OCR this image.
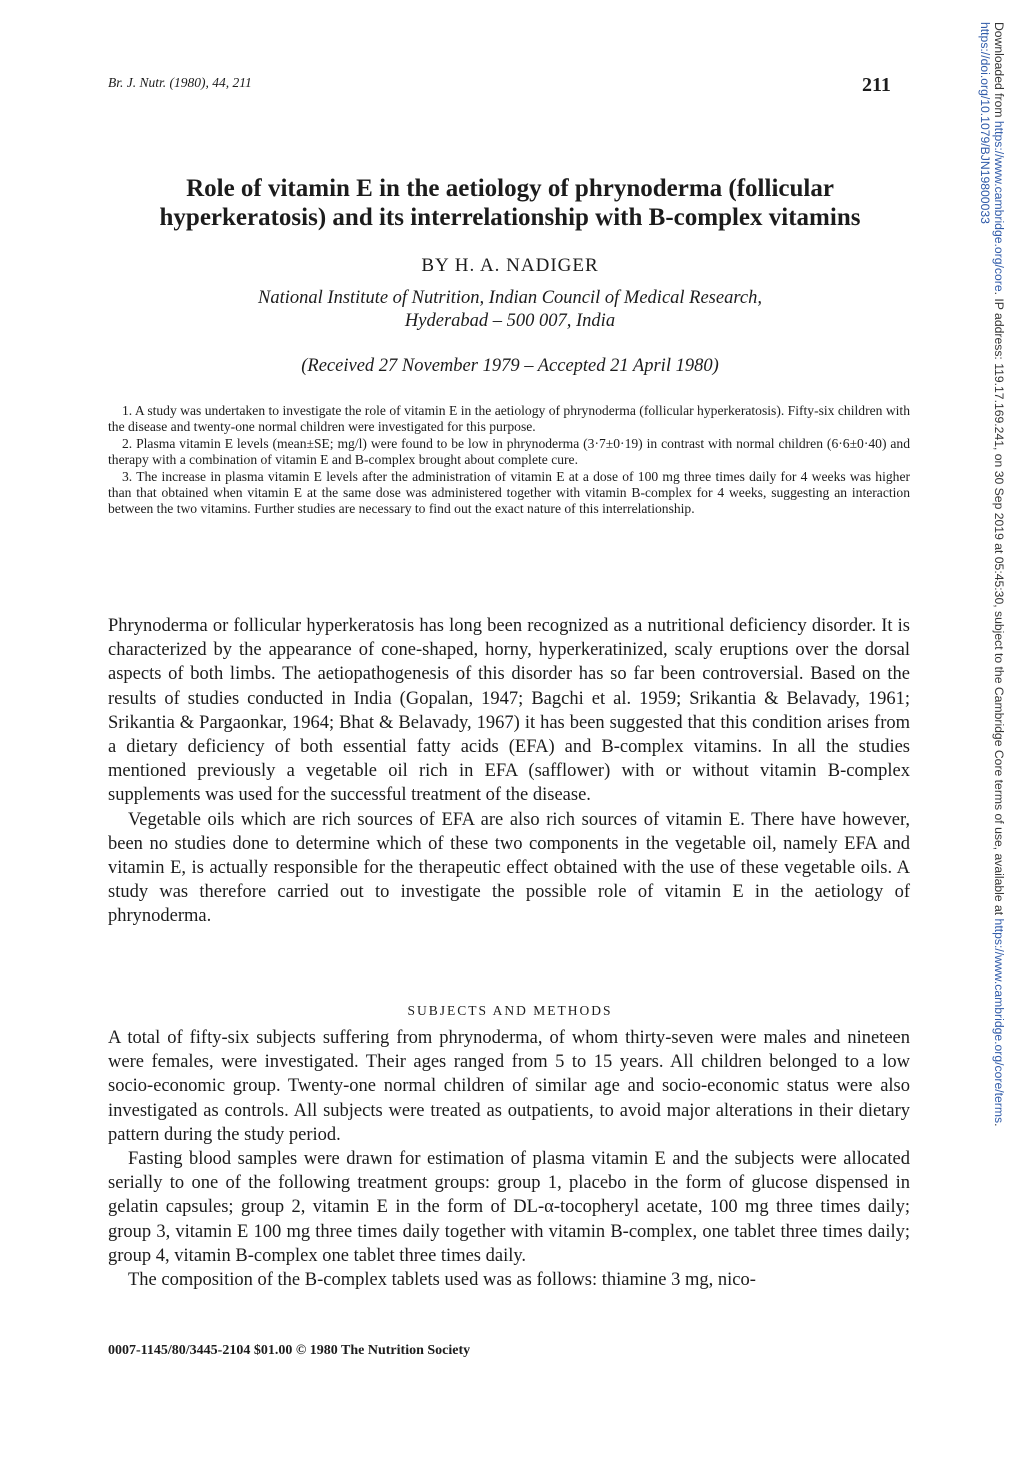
Br. J. Nutr. (1980), 44, 211	211
Role of vitamin E in the aetiology of phrynoderma (follicular
hyperkeratosis) and its interrelationship with B-complex vitamins
BY H. A. NADIGER
National Institute of Nutrition, Indian Council of Medical Research,
Hyderabad – 500 007, India
(Received 27 November 1979 – Accepted 21 April 1980)

1. A study was undertaken to investigate the role of vitamin E in the aetiology of phrynoderma (follicular hyperkeratosis). Fifty-six children with the disease and twenty-one normal children were investigated for this purpose.

2. Plasma vitamin E levels (mean±SE; mg/l) were found to be low in phrynoderma (3·7±0·19) in contrast with normal children (6·6±0·40) and therapy with a combination of vitamin E and B-complex brought about complete cure.

3. The increase in plasma vitamin E levels after the administration of vitamin E at a dose of 100 mg three times daily for 4 weeks was higher than that obtained when vitamin E at the same dose was administered together with vitamin B-complex for 4 weeks, suggesting an interaction between the two vitamins. Further studies are necessary to find out the exact nature of this interrelationship.

Phrynoderma or follicular hyperkeratosis has long been recognized as a nutritional deficiency disorder. It is characterized by the appearance of cone-shaped, horny, hyperkeratinized, scaly eruptions over the dorsal aspects of both limbs. The aetiopathogenesis of this disorder has so far been controversial. Based on the results of studies conducted in India (Gopalan, 1947; Bagchi et al. 1959; Srikantia & Belavady, 1961; Srikantia & Pargaonkar, 1964; Bhat & Belavady, 1967) it has been suggested that this condition arises from a dietary deficiency of both essential fatty acids (EFA) and B-complex vitamins. In all the studies mentioned previously a vegetable oil rich in EFA (safflower) with or without vitamin B-complex supplements was used for the successful treatment of the disease.

Vegetable oils which are rich sources of EFA are also rich sources of vitamin E. There have however, been no studies done to determine which of these two components in the vegetable oil, namely EFA and vitamin E, is actually responsible for the therapeutic effect obtained with the use of these vegetable oils. A study was therefore carried out to investigate the possible role of vitamin E in the aetiology of phrynoderma.

SUBJECTS AND METHODS

A total of fifty-six subjects suffering from phrynoderma, of whom thirty-seven were males and nineteen were females, were investigated. Their ages ranged from 5 to 15 years. All children belonged to a low socio-economic group. Twenty-one normal children of similar age and socio-economic status were also investigated as controls. All subjects were treated as outpatients, to avoid major alterations in their dietary pattern during the study period.

Fasting blood samples were drawn for estimation of plasma vitamin E and the subjects were allocated serially to one of the following treatment groups: group 1, placebo in the form of glucose dispensed in gelatin capsules; group 2, vitamin E in the form of DL-α-tocopheryl acetate, 100 mg three times daily; group 3, vitamin E 100 mg three times daily together with vitamin B-complex, one tablet three times daily; group 4, vitamin B-complex one tablet three times daily.

The composition of the B-complex tablets used was as follows: thiamine 3 mg, nico-

0007-1145/80/3445-2104 $01.00 © 1980 The Nutrition Society
Downloaded from https://www.cambridge.org/core. IP address: 119.17.169.241, on 30 Sep 2019 at 05:45:30, subject to the Cambridge Core terms of use, available at https://www.cambridge.org/core/terms.
https://doi.org/10.1079/BJN19800033
